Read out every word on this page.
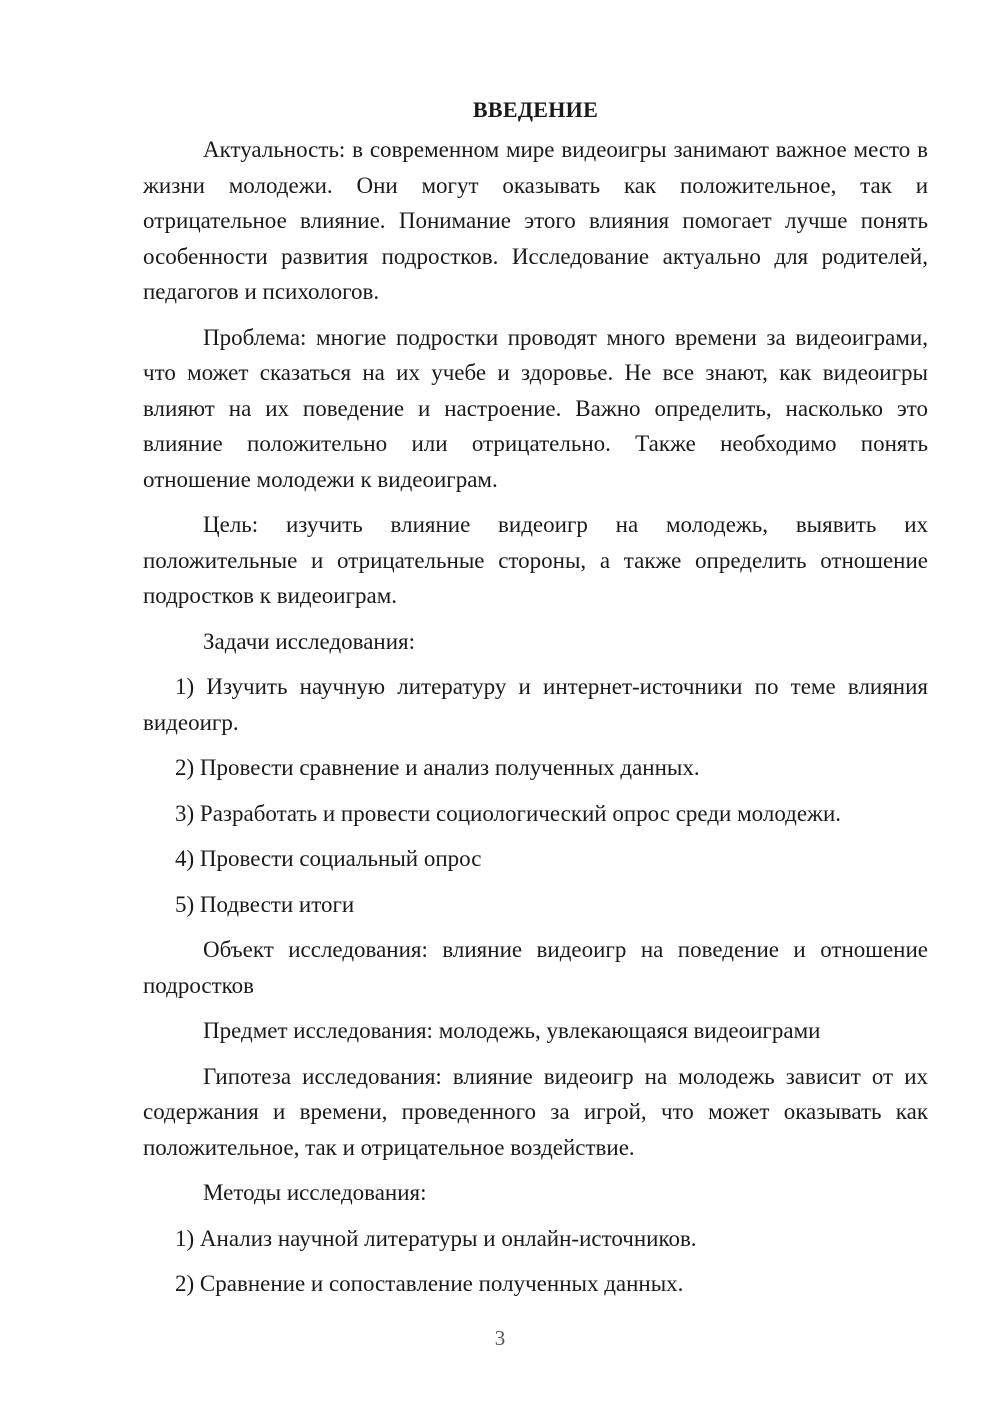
ВВЕДЕНИЕ

Актуальность: в современном мире видеоигры занимают важное место в жизни молодежи. Они могут оказывать как положительное, так и отрицательное влияние. Понимание этого влияния помогает лучше понять особенности развития подростков. Исследование актуально для родителей, педагогов и психологов.

Проблема: многие подростки проводят много времени за видеоиграми, что может сказаться на их учебе и здоровье. Не все знают, как видеоигры влияют на их поведение и настроение. Важно определить, насколько это влияние положительно или отрицательно. Также необходимо понять отношение молодежи к видеоиграм.

Цель: изучить влияние видеоигр на молодежь, выявить их положительные и отрицательные стороны, а также определить отношение подростков к видеоиграм.

Задачи исследования:

1) Изучить научную литературу и интернет-источники по теме влияния видеоигр.

2) Провести сравнение и анализ полученных данных.

3) Разработать и провести социологический опрос среди молодежи.

4) Провести социальный опрос

5) Подвести итоги

Объект исследования: влияние видеоигр на поведение и отношение подростков

Предмет исследования: молодежь, увлекающаяся видеоиграми

Гипотеза исследования: влияние видеоигр на молодежь зависит от их содержания и времени, проведенного за игрой, что может оказывать как положительное, так и отрицательное воздействие.

Методы исследования:

1) Анализ научной литературы и онлайн-источников.

2) Сравнение и сопоставление полученных данных.

3
